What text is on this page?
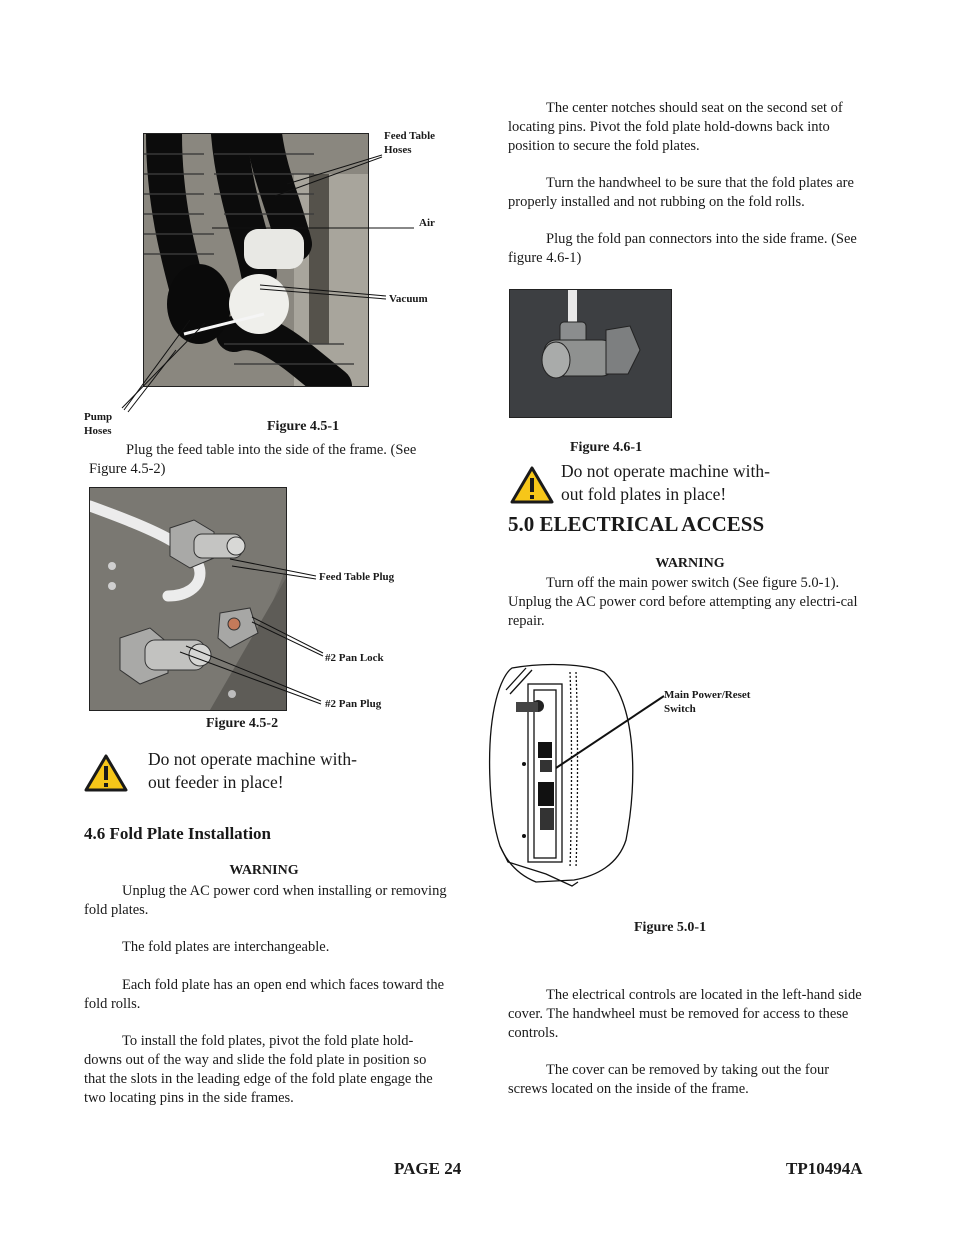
Feed Table
Hoses
Air
Vacuum
Pump
Hoses	Figure 4.5-1
Plug the feed table into the side of the frame. (See Figure 4.5-2)
Feed Table Plug
#2 Pan Lock
#2 Pan Plug
Figure 4.5-2
Do not operate machine with-
out feeder in place!
4.6 Fold Plate Installation
WARNING
Unplug the AC power cord when installing or removing fold plates.
The fold plates are interchangeable.
Each fold plate has an open end which faces toward the fold rolls.
To install the fold plates, pivot the fold plate hold-downs out of the way and slide the fold plate in position so that the slots in the leading edge of the fold plate engage the two locating pins in the side frames.
The center notches should seat on the second set of locating pins. Pivot the fold plate hold-downs back into position to secure the fold plates.
Turn the handwheel to be sure that the fold plates are properly installed and not rubbing on the fold rolls.
Plug the fold pan connectors into the side frame. (See figure 4.6-1)
Figure 4.6-1
Do not operate machine with-
out fold plates in place!
5.0 ELECTRICAL ACCESS
WARNING
Turn off the main power switch (See figure 5.0-1). Unplug the AC power cord before attempting any electri-cal repair.
Main Power/Reset
Switch
Figure 5.0-1
The electrical controls are located in the left-hand side cover. The handwheel must be removed for access to these controls.
The cover can be removed by taking out the four screws located on the inside of the frame.
PAGE 24	TP10494A
